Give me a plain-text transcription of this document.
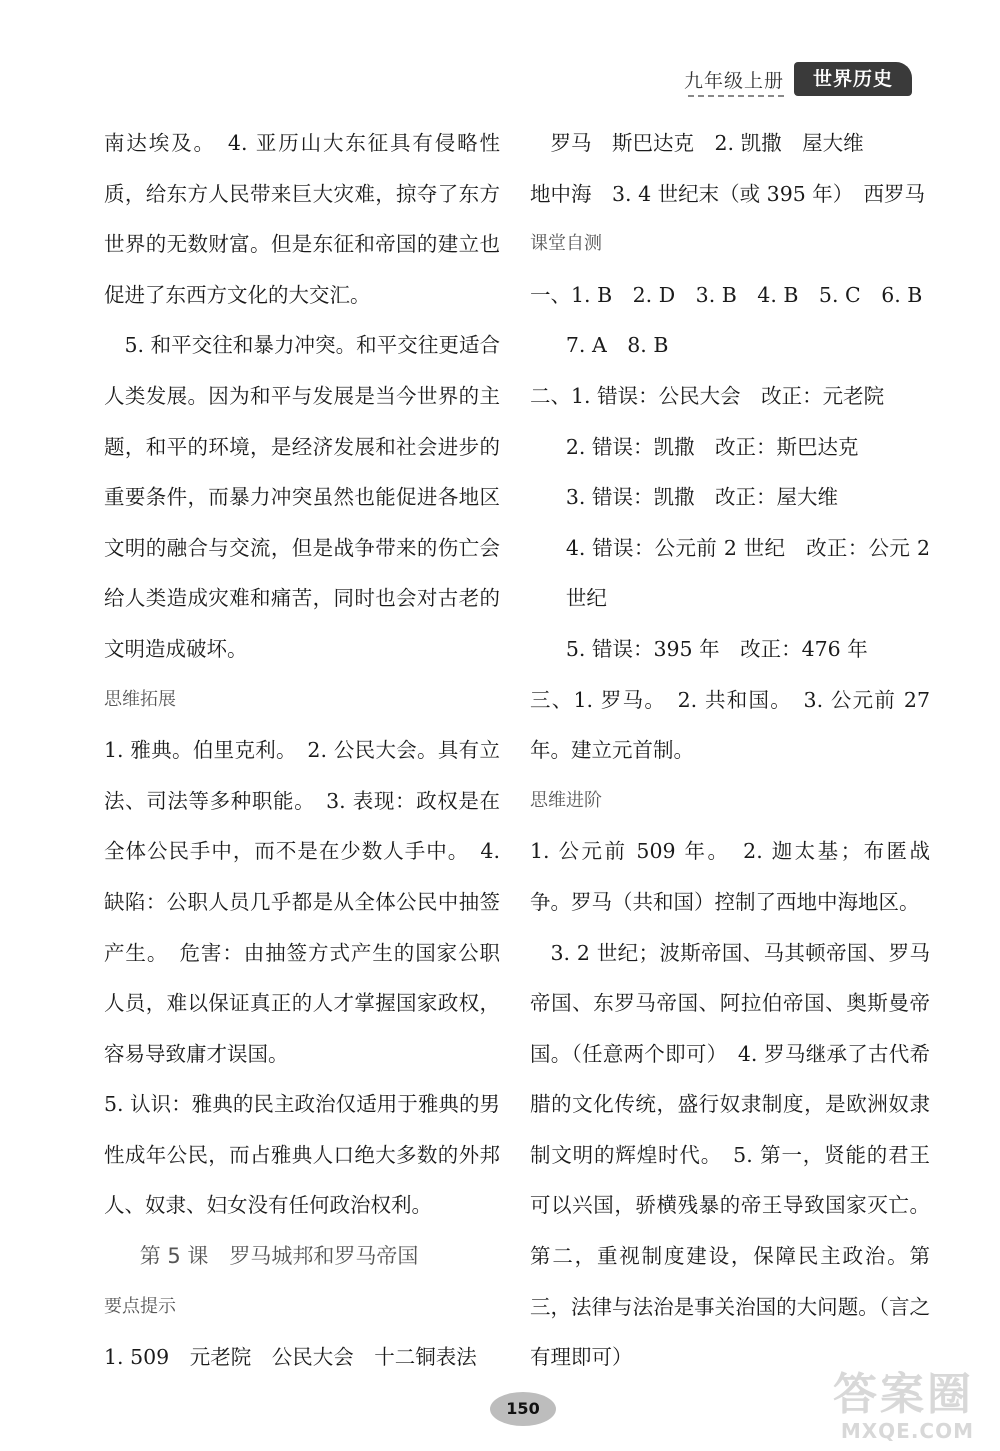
九年级上册	世界历史

南达埃及。　4. 亚历山大东征具有侵略性质，给东方人民带来巨大灾难，掠夺了东方世界的无数财富。但是东征和帝国的建立也促进了东西方文化的大交汇。

5. 和平交往和暴力冲突。和平交往更适合人类发展。因为和平与发展是当今世界的主题，和平的环境，是经济发展和社会进步的重要条件，而暴力冲突虽然也能促进各地区文明的融合与交流，但是战争带来的伤亡会给人类造成灾难和痛苦，同时也会对古老的文明造成破坏。

思维拓展

1. 雅典。伯里克利。　2. 公民大会。具有立法、司法等多种职能。　3. 表现：政权是在全体公民手中，而不是在少数人手中。　4. 缺陷：公职人员几乎都是从全体公民中抽签产生。　危害：由抽签方式产生的国家公职人员，难以保证真正的人才掌握国家政权，容易导致庸才误国。

5. 认识：雅典的民主政治仅适用于雅典的男性成年公民，而占雅典人口绝大多数的外邦人、奴隶、妇女没有任何政治权利。

第 5 课　罗马城邦和罗马帝国

要点提示

1. 509　元老院　公民大会　十二铜表法

罗马　斯巴达克　2. 凯撒　屋大维

地中海　3. 4 世纪末（或 395 年）　西罗马

课堂自测

一、1. B　2. D　3. B　4. B　5. C　6. B

7. A　8. B

二、1. 错误：公民大会　改正：元老院

2. 错误：凯撒　改正：斯巴达克

3. 错误：凯撒　改正：屋大维

4. 错误：公元前 2 世纪　改正：公元 2 世纪

5. 错误：395 年　改正：476 年

三、1. 罗马。　2. 共和国。　3. 公元前 27 年。建立元首制。

思维进阶

1. 公元前 509 年。　2. 迦太基；布匿战争。罗马（共和国）控制了西地中海地区。

3. 2 世纪；波斯帝国、马其顿帝国、罗马帝国、东罗马帝国、阿拉伯帝国、奥斯曼帝国。（任意两个即可）　4. 罗马继承了古代希腊的文化传统，盛行奴隶制度，是欧洲奴隶制文明的辉煌时代。　5. 第一，贤能的君王可以兴国，骄横残暴的帝王导致国家灭亡。第二，重视制度建设，保障民主政治。第三，法律与法治是事关治国的大问题。（言之有理即可）

150	答案圈
MXQE.COM
